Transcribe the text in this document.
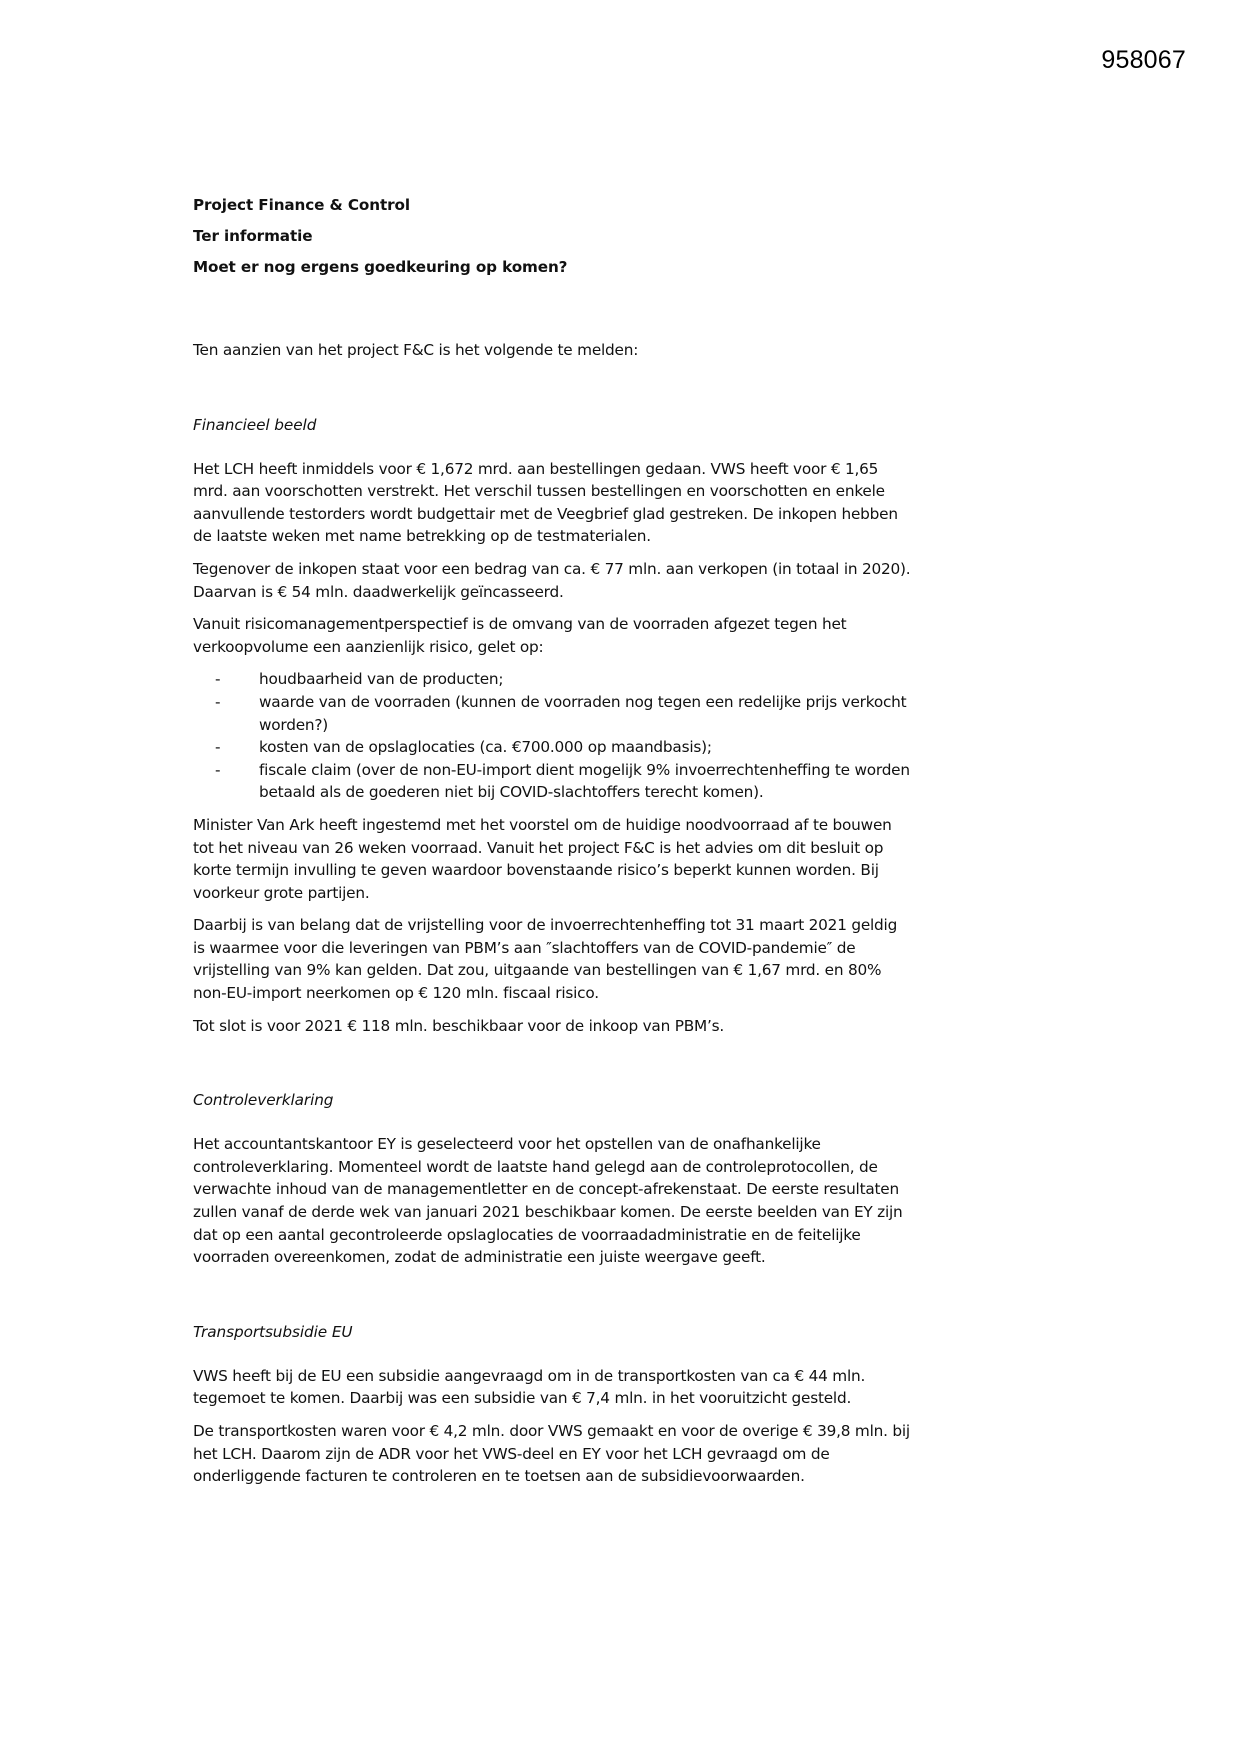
958067
Project Finance & Control
Ter informatie
Moet er nog ergens goedkeuring op komen?

Ten aanzien van het project F&C is het volgende te melden:

Financieel beeld

Het LCH heeft inmiddels voor € 1,672 mrd. aan bestellingen gedaan. VWS heeft voor € 1,65 mrd. aan voorschotten verstrekt. Het verschil tussen bestellingen en voorschotten en enkele aanvullende testorders wordt budgettair met de Veegbrief glad gestreken. De inkopen hebben de laatste weken met name betrekking op de testmaterialen.

Tegenover de inkopen staat voor een bedrag van ca. € 77 mln. aan verkopen (in totaal in 2020). Daarvan is € 54 mln. daadwerkelijk geïncasseerd.

Vanuit risicomanagementperspectief is de omvang van de voorraden afgezet tegen het verkoopvolume een aanzienlijk risico, gelet op:

-	houdbaarheid van de producten;
-	waarde van de voorraden (kunnen de voorraden nog tegen een redelijke prijs verkocht worden?)
-	kosten van de opslaglocaties (ca. €700.000 op maandbasis);
-	fiscale claim (over de non-EU-import dient mogelijk 9% invoerrechtenheffing te worden betaald als de goederen niet bij COVID-slachtoffers terecht komen).

Minister Van Ark heeft ingestemd met het voorstel om de huidige noodvoorraad af te bouwen tot het niveau van 26 weken voorraad. Vanuit het project F&C is het advies om dit besluit op korte termijn invulling te geven waardoor bovenstaande risico’s beperkt kunnen worden. Bij voorkeur grote partijen.

Daarbij is van belang dat de vrijstelling voor de invoerrechtenheffing tot 31 maart 2021 geldig is waarmee voor die leveringen van PBM’s aan ″slachtoffers van de COVID-pandemie″ de vrijstelling van 9% kan gelden. Dat zou, uitgaande van bestellingen van € 1,67 mrd. en 80% non-EU-import neerkomen op € 120 mln. fiscaal risico.

Tot slot is voor 2021 € 118 mln. beschikbaar voor de inkoop van PBM’s.

Controleverklaring

Het accountantskantoor EY is geselecteerd voor het opstellen van de onafhankelijke controleverklaring. Momenteel wordt de laatste hand gelegd aan de controleprotocollen, de verwachte inhoud van de managementletter en de concept-afrekenstaat. De eerste resultaten zullen vanaf de derde wek van januari 2021 beschikbaar komen. De eerste beelden van EY zijn dat op een aantal gecontroleerde opslaglocaties de voorraadadministratie en de feitelijke voorraden overeenkomen, zodat de administratie een juiste weergave geeft.

Transportsubsidie EU

VWS heeft bij de EU een subsidie aangevraagd om in de transportkosten van ca € 44 mln. tegemoet te komen. Daarbij was een subsidie van € 7,4 mln. in het vooruitzicht gesteld.

De transportkosten waren voor € 4,2 mln. door VWS gemaakt en voor de overige € 39,8 mln. bij het LCH. Daarom zijn de ADR voor het VWS-deel en EY voor het LCH gevraagd om de onderliggende facturen te controleren en te toetsen aan de subsidievoorwaarden.
